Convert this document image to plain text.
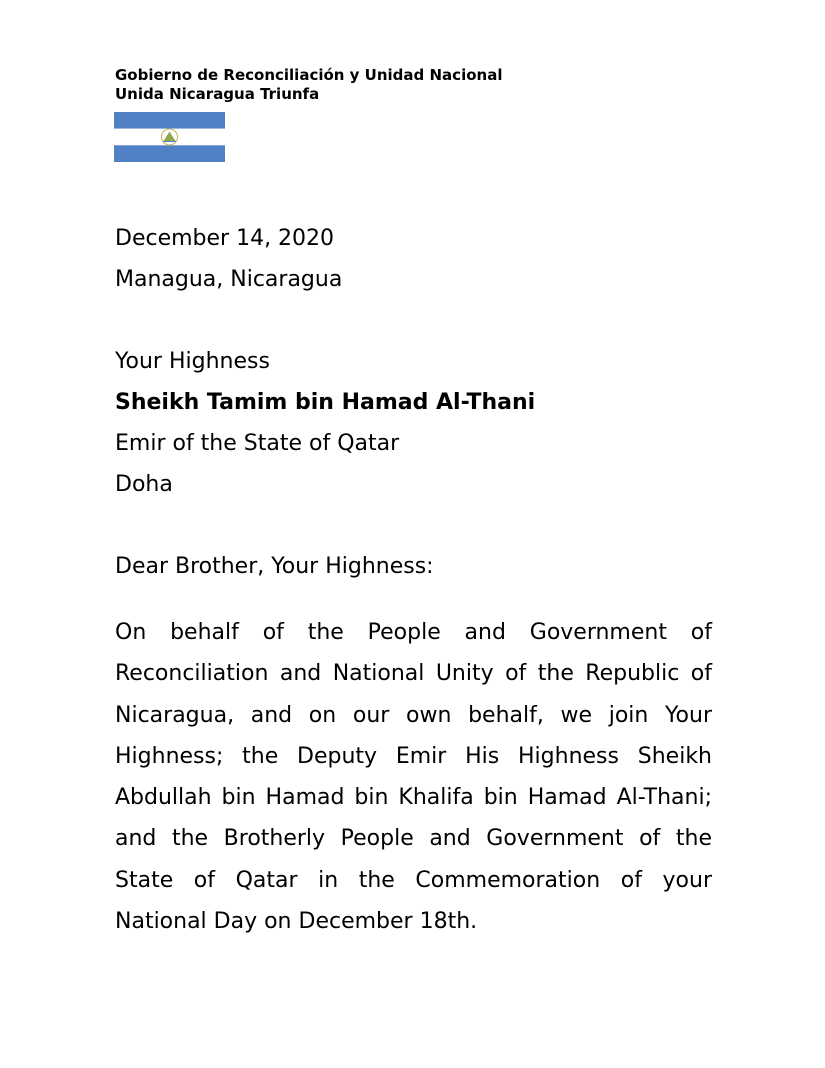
Gobierno de Reconciliación y Unidad Nacional
Unida Nicaragua Triunfa
December 14, 2020
Managua, Nicaragua
Your Highness
Sheikh Tamim bin Hamad Al-Thani
Emir of the State of Qatar
Doha
Dear Brother, Your Highness:
On behalf of the People and Government of Reconciliation and National Unity of the Republic of Nicaragua, and on our own behalf, we join Your Highness; the Deputy Emir His Highness Sheikh Abdullah bin Hamad bin Khalifa bin Hamad Al-Thani; and the Brotherly People and Government of the State of Qatar in the Commemoration of your National Day on December 18th.
